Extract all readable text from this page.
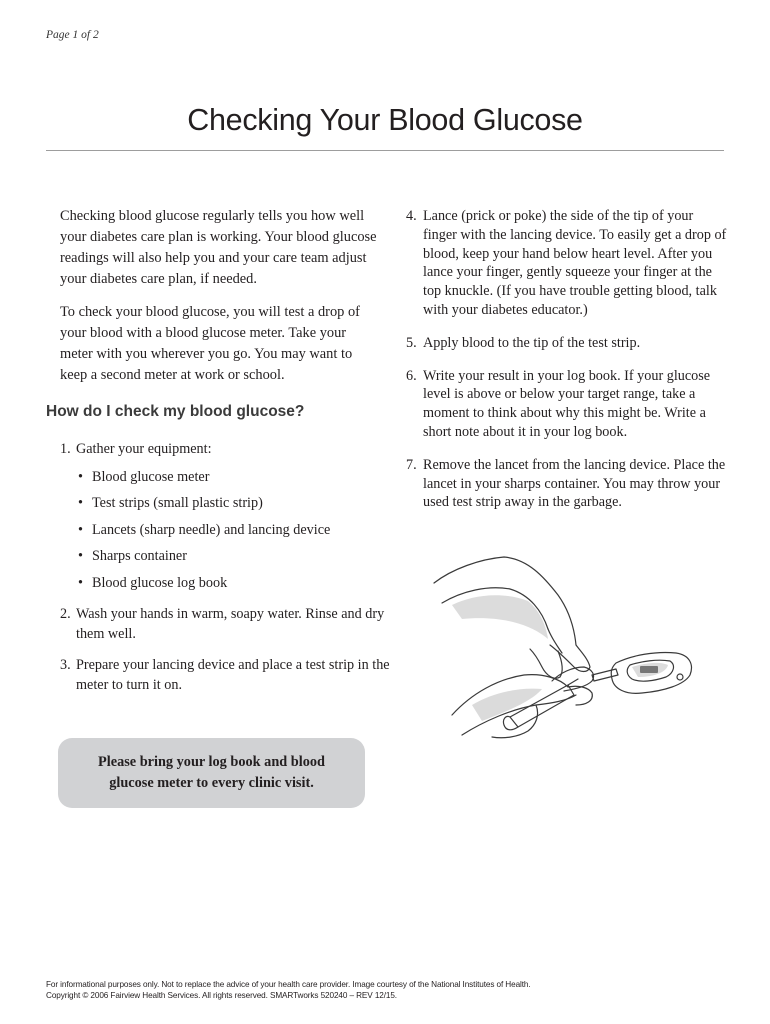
Page 1 of 2
Checking Your Blood Glucose

Checking blood glucose regularly tells you how well your diabetes care plan is working. Your blood glucose readings will also help you and your care team adjust your diabetes care plan, if needed.

To check your blood glucose, you will test a drop of your blood with a blood glucose meter. Take your meter with you wherever you go. You may want to keep a second meter at work or school.

How do I check my blood glucose?
1. Gather your equipment:
• Blood glucose meter
• Test strips (small plastic strip)
• Lancets (sharp needle) and lancing device
• Sharps container
• Blood glucose log book
2. Wash your hands in warm, soapy water. Rinse and dry them well.
3. Prepare your lancing device and place a test strip in the meter to turn it on.
4. Lance (prick or poke) the side of the tip of your finger with the lancing device. To easily get a drop of blood, keep your hand below heart level. After you lance your finger, gently squeeze your finger at the top knuckle. (If you have trouble getting blood, talk with your diabetes educator.)
5. Apply blood to the tip of the test strip.
6. Write your result in your log book. If your glucose level is above or below your target range, take a moment to think about why this might be. Write a short note about it in your log book.
7. Remove the lancet from the lancing device. Place the lancet in your sharps container. You may throw your used test strip away in the garbage.
Please bring your log book and blood glucose meter to every clinic visit.
For informational purposes only. Not to replace the advice of your health care provider. Image courtesy of the National Institutes of Health.
Copyright © 2006 Fairview Health Services. All rights reserved. SMARTworks 520240 – REV 12/15.
